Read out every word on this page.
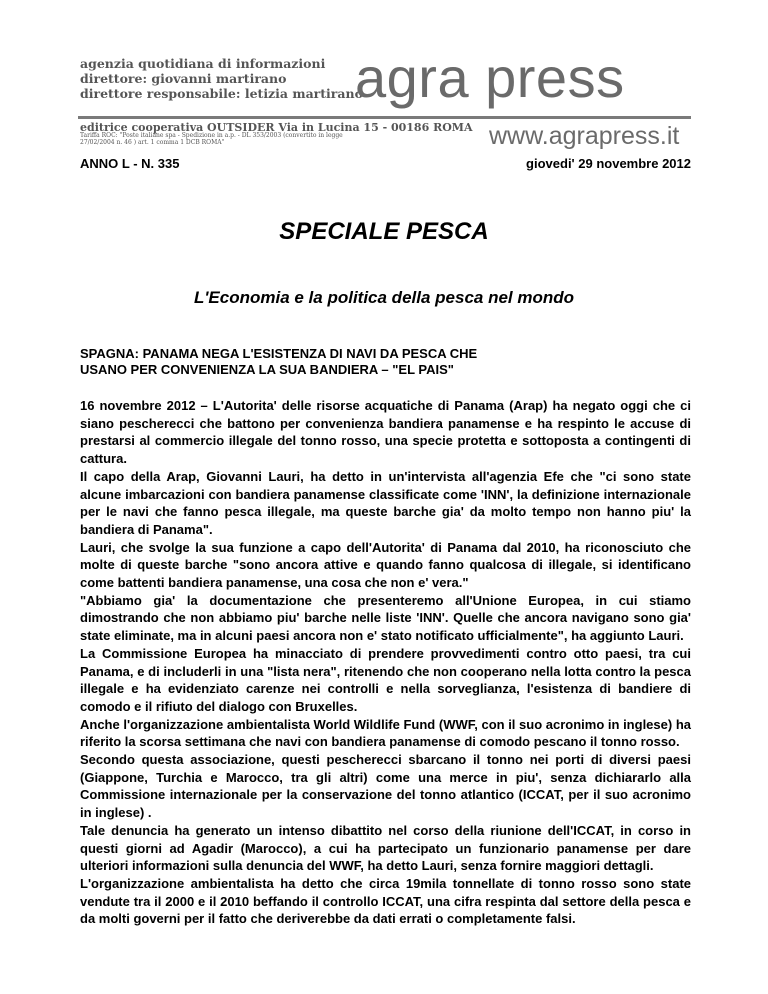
agenzia quotidiana di informazioni
direttore: giovanni martirano
direttore responsabile: letizia martirano
agra press
editrice cooperativa OUTSIDER Via in Lucina 15 - 00186 ROMA
Tariffa ROC: "Poste italiane spa - Spedizione in a.p. - DL 353/2003 (convertito in legge
27/02/2004 n. 46 ) art. 1 comma 1 DCB ROMA"	www.agrapress.it
ANNO L - N. 335	giovedi' 29 novembre 2012
SPECIALE PESCA
L'Economia e la politica della pesca nel mondo
SPAGNA: PANAMA NEGA L'ESISTENZA DI NAVI DA PESCA CHE
USANO PER CONVENIENZA LA SUA BANDIERA – "EL PAIS"

16 novembre 2012 – L'Autorita' delle risorse acquatiche di Panama (Arap) ha negato oggi che ci siano pescherecci che battono per convenienza bandiera panamense e ha respinto le accuse di prestarsi al commercio illegale del tonno rosso, una specie protetta e sottoposta a contingenti di cattura.

Il capo della Arap, Giovanni Lauri, ha detto in un'intervista all'agenzia Efe che "ci sono state alcune imbarcazioni con bandiera panamense classificate come 'INN', la definizione internazionale per le navi che fanno pesca illegale, ma queste barche gia' da molto tempo non hanno piu' la bandiera di Panama".

Lauri, che svolge la sua funzione a capo dell'Autorita' di Panama dal 2010, ha riconosciuto che molte di queste barche "sono ancora attive e quando fanno qualcosa di illegale, si identificano come battenti bandiera panamense, una cosa che non e' vera."

"Abbiamo gia' la documentazione che presenteremo all'Unione Europea, in cui stiamo dimostrando che non abbiamo piu' barche nelle liste 'INN'. Quelle che ancora navigano sono gia' state eliminate, ma in alcuni paesi ancora non e' stato notificato ufficialmente", ha aggiunto Lauri.

La Commissione Europea ha minacciato di prendere provvedimenti contro otto paesi, tra cui Panama, e di includerli in una "lista nera", ritenendo che non cooperano nella lotta contro la pesca illegale e ha evidenziato carenze nei controlli e nella sorveglianza, l'esistenza di bandiere di comodo e il rifiuto del dialogo con Bruxelles.

Anche l'organizzazione ambientalista World Wildlife Fund (WWF, con il suo acronimo in inglese) ha riferito la scorsa settimana che navi con bandiera panamense di comodo pescano il tonno rosso.

Secondo questa associazione, questi pescherecci sbarcano il tonno nei porti di diversi paesi (Giappone, Turchia e Marocco, tra gli altri) come una merce in piu', senza dichiararlo alla Commissione internazionale per la conservazione del tonno atlantico (ICCAT, per il suo acronimo in inglese) .

Tale denuncia ha generato un intenso dibattito nel corso della riunione dell'ICCAT, in corso in questi giorni ad Agadir (Marocco), a cui ha partecipato un funzionario panamense per dare ulteriori informazioni sulla denuncia del WWF, ha detto Lauri, senza fornire maggiori dettagli.

L'organizzazione ambientalista ha detto che circa 19mila tonnellate di tonno rosso sono state vendute tra il 2000 e il 2010 beffando il controllo ICCAT, una cifra respinta dal settore della pesca e da molti governi per il fatto che deriverebbe da dati errati o completamente falsi.
